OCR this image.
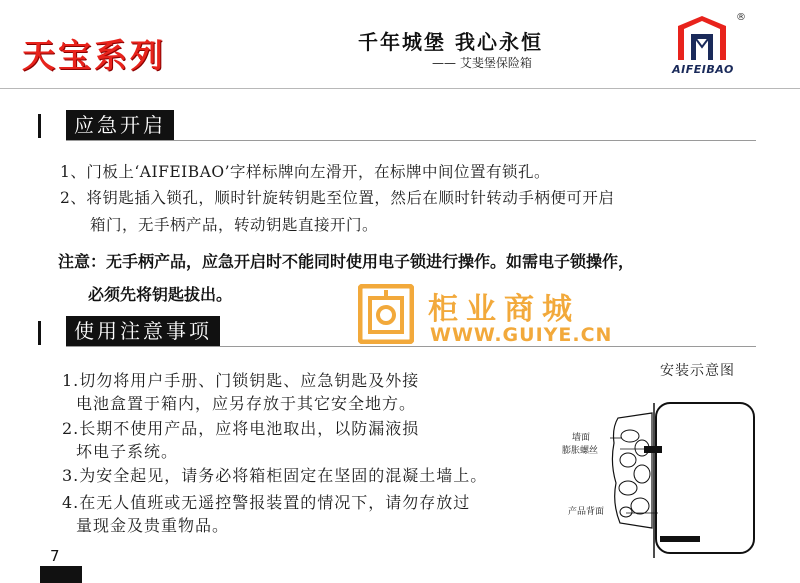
天宝系列	千年城堡 我心永恒
—— 艾斐堡保险箱
®
AIFEIBAO
应急开启
1、门板上‘AIFEIBAO’字样标牌向左滑开，在标牌中间位置有锁孔。
2、将钥匙插入锁孔，顺时针旋转钥匙至位置，然后在顺时针转动手柄便可开启
箱门，无手柄产品，转动钥匙直接开门。
注意：无手柄产品，应急开启时不能同时使用电子锁进行操作。如需电子锁操作，
必须先将钥匙拔出。	柜业商城
WWW.GUIYE.CN
使用注意事项
1.切勿将用户手册、门锁钥匙、应急钥匙及外接
电池盒置于箱内，应另存放于其它安全地方。
2.长期不使用产品，应将电池取出，以防漏液损
坏电子系统。
3.为安全起见，请务必将箱柜固定在坚固的混凝土墙上。
4.在无人值班或无遥控警报装置的情况下，请勿存放过
量现金及贵重物品。
安装示意图
墙面
膨胀螺丝
产品背面
7
